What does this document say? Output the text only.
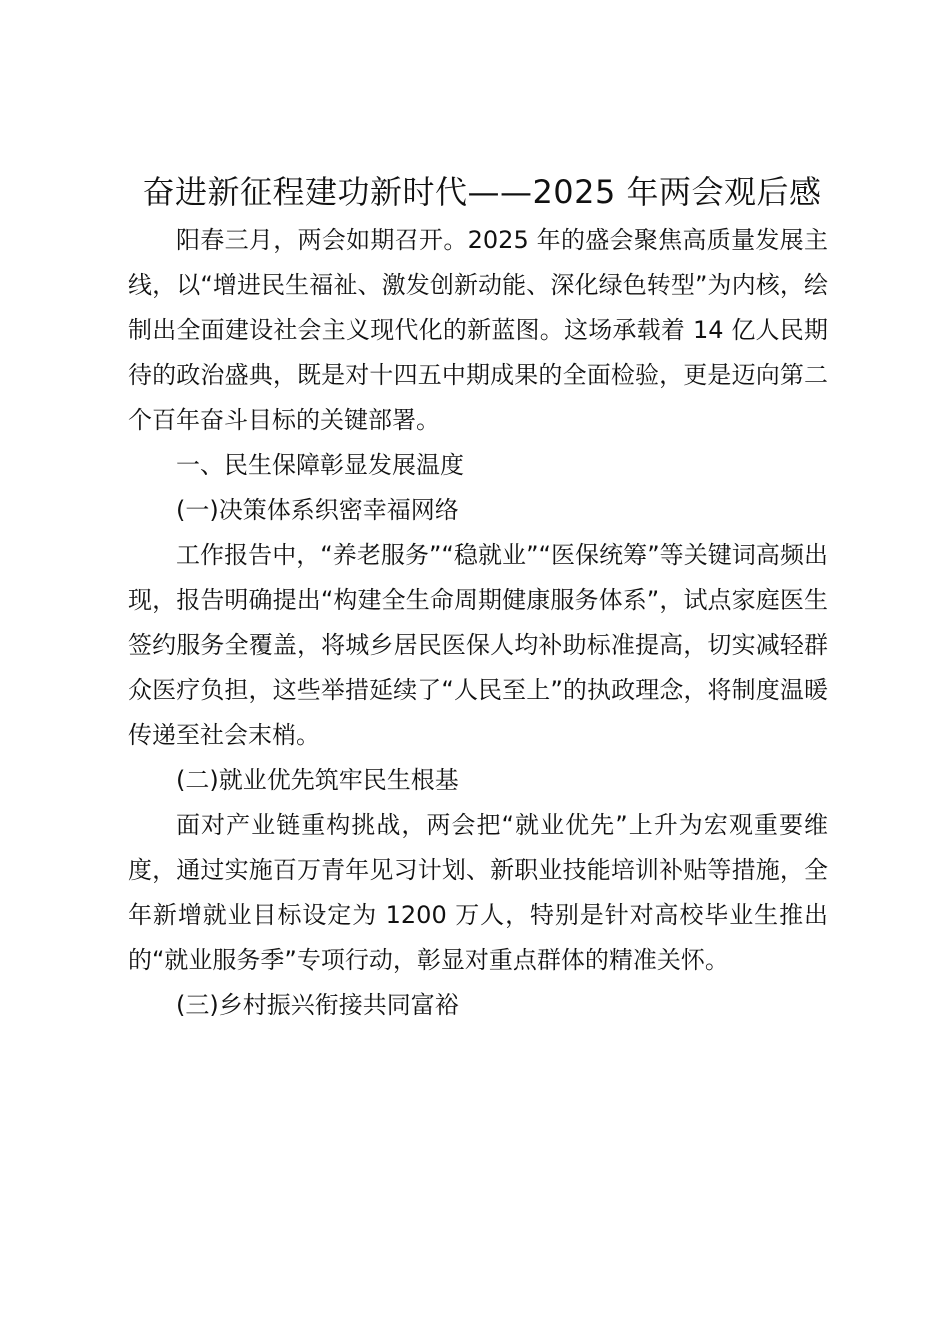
奋进新征程建功新时代——2025 年两会观后感

阳春三月，两会如期召开。2025 年的盛会聚焦高质量发展主线，以“增进民生福祉、激发创新动能、深化绿色转型”为内核，绘制出全面建设社会主义现代化的新蓝图。这场承载着 14 亿人民期待的政治盛典，既是对十四五中期成果的全面检验，更是迈向第二个百年奋斗目标的关键部署。

一、民生保障彰显发展温度

(一)决策体系织密幸福网络

工作报告中，“养老服务”“稳就业”“医保统筹”等关键词高频出现，报告明确提出“构建全生命周期健康服务体系”，试点家庭医生签约服务全覆盖，将城乡居民医保人均补助标准提高，切实减轻群众医疗负担，这些举措延续了“人民至上”的执政理念，将制度温暖传递至社会末梢。

(二)就业优先筑牢民生根基

面对产业链重构挑战，两会把“就业优先”上升为宏观重要维度，通过实施百万青年见习计划、新职业技能培训补贴等措施，全年新增就业目标设定为 1200 万人，特别是针对高校毕业生推出的“就业服务季”专项行动，彰显对重点群体的精准关怀。

(三)乡村振兴衔接共同富裕
